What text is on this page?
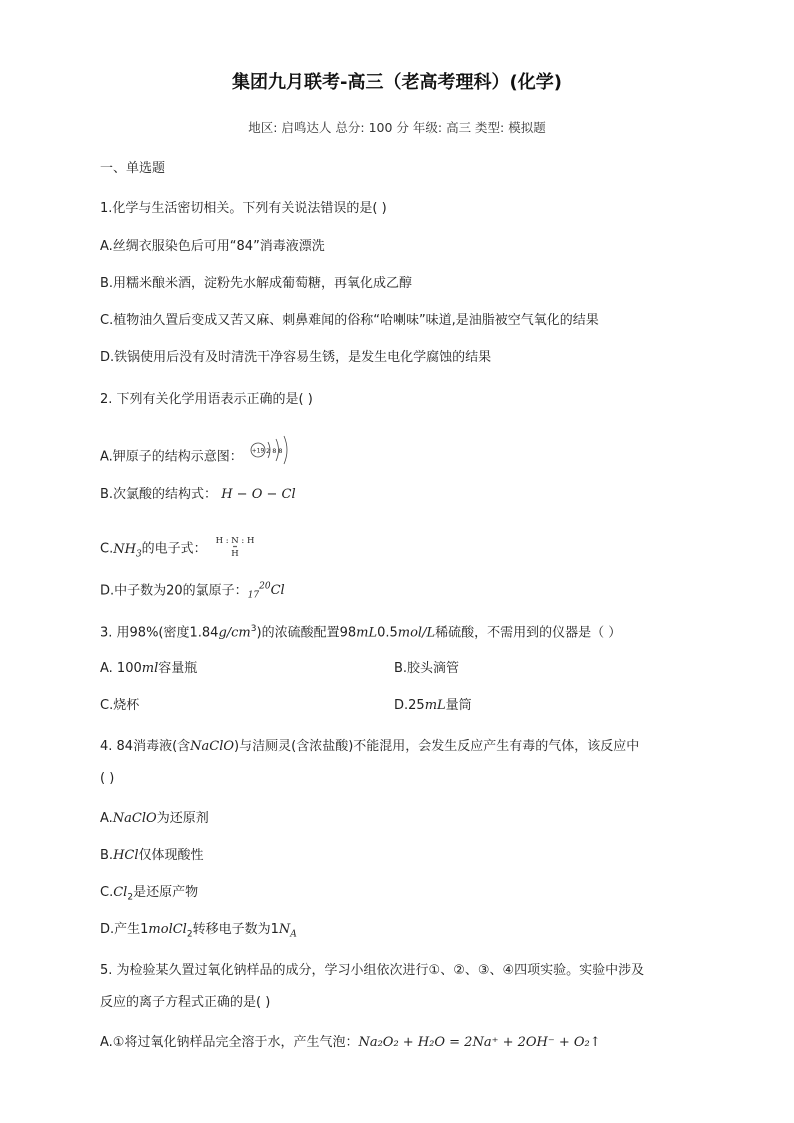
集团九月联考-高三（老高考理科）(化学)
地区: 启鸣达人 总分: 100 分 年级: 高三 类型: 模拟题
一、单选题
1.化学与生活密切相关。下列有关说法错误的是( )
A.丝绸衣服染色后可用“84”消毒液漂洗
B.用糯米酿米酒，淀粉先水解成葡萄糖，再氧化成乙醇
C.植物油久置后变成又苦又麻、刺鼻难闻的俗称“哈喇味”味道,是油脂被空气氧化的结果
D.铁锅使用后没有及时清洗干净容易生锈，是发生电化学腐蚀的结果
2. 下列有关化学用语表示正确的是( )
A.钾原子的结构示意图： +19 2 8 8
B.次氯酸的结构式： H − O − Cl
$C.NH_3$的电子式：
H : N : H
H
D.中子数为20的氯原子：$_{17}^{20}$Cl
3. 用98%(密度$1.84g/cm^3$)的浓硫酸配置98mL0.5mol/L稀硫酸，不需用到的仪器是（ ）
A. 100ml容量瓶	B.胶头滴管
C.烧杯	D.25mL量筒
4. 84消毒液(含NaClO)与洁厕灵(含浓盐酸)不能混用，会发生反应产生有毒的气体，该反应中
( )
A.NaClO为还原剂
B.HCl仅体现酸性
$C.Cl_2$是还原产物
D.产生1molCl$_2$转移电子数为$1N_A$
5. 为检验某久置过氧化钠样品的成分，学习小组依次进行①、②、③、④四项实验。实验中涉及
反应的离子方程式正确的是( )
A.①将过氧化钠样品完全溶于水，产生气泡：Na₂O₂ + H₂O = 2Na⁺ + 2OH⁻ + O₂↑
